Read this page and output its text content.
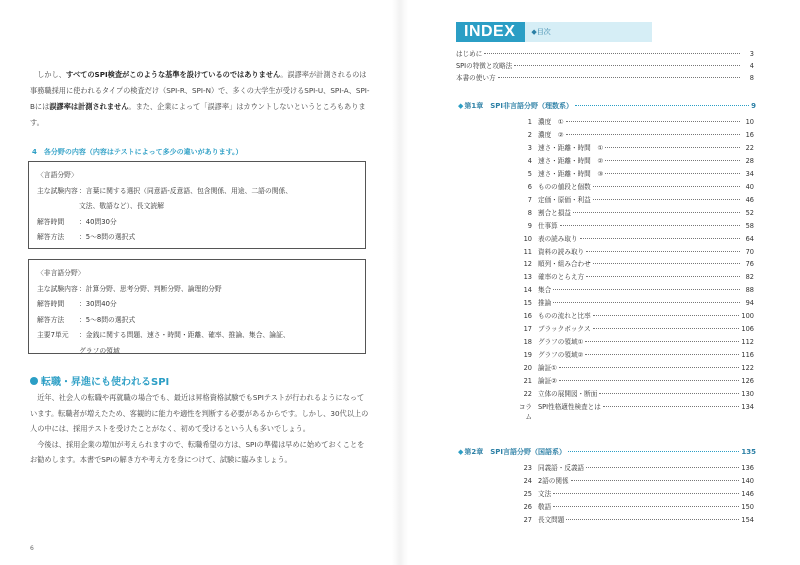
しかし、すべてのSPI検査がこのような基準を設けているのではありません。誤謬率が計測されるのは事務職採用に使われるタイプの検査だけ（SPI-R、SPI-N）で、多くの大学生が受けるSPI-U、SPI-A、SPI-Bには誤謬率は計測されません。また、企業によって「誤謬率」はカウントしないというところもあります。

4　各分野の内容（内容はテストによって多少の違いがあります。）

〈言語分野〉
主な試験内容 ：言葉に関する選択（同意語-反意語、包含関係、用途、二語の関係、
文法、敬語など）、長文読解
解答時間	：40問30分
解答方法	：5〜8問の選択式
〈非言語分野〉
主な試験内容 ：計算分野、思考分野、判断分野、論理的分野
解答時間	：30問40分
解答方法	：5〜8問の選択式
主要7単元	：金銭に関する問題、速さ・時間・距離、確率、推論、集合、論証、
グラフの領域
転職・昇進にも使われるSPI

近年、社会人の転職や再就職の場合でも、最近は昇格資格試験でもSPIテストが行われるようになっています。転職者が増えたため、客観的に能力や適性を判断する必要があるからです。しかし、30代以上の人の中には、採用テストを受けたことがなく、初めて受けるという人も多いでしょう。

今後は、採用企業の増加が考えられますので、転職希望の方は、SPIの準備は早めに始めておくことをお勧めします。本書でSPIの解き方や考え方を身につけて、試験に臨みましょう。

6
INDEX	◆目次
はじめに	3
SPIの特徴と攻略法	4
本書の使い方	8
◆ 第1章　SPI非言語分野（理数系）	9
1 濃度　①	10
2 濃度　②	16
3 速さ・距離・時間　①	22
4 速さ・距離・時間　②	28
5 速さ・距離・時間　③	34
6 ものの値段と個数	40
7 定価・原価・利益	46
8 割合と損益	52
9 仕事算	58
10 表の読み取り	64
11 資料の読み取り	70
12 順列・組み合わせ	76
13 確率のとらえ方	82
14 集合	88
15 推論	94
16 ものの流れと比率	100
17 ブラックボックス	106
18 グラフの領域①	112
19 グラフの領域②	116
20 論証①	122
21 論証②	126
22 立体の展開図・断面	130
コラム
SPI性格適性検査とは	134
◆ 第2章　SPI言語分野（国語系）	135
23 同義語・反義語	136
24 2語の関係	140
25 文法	146
26 敬語	150
27 長文問題	154
